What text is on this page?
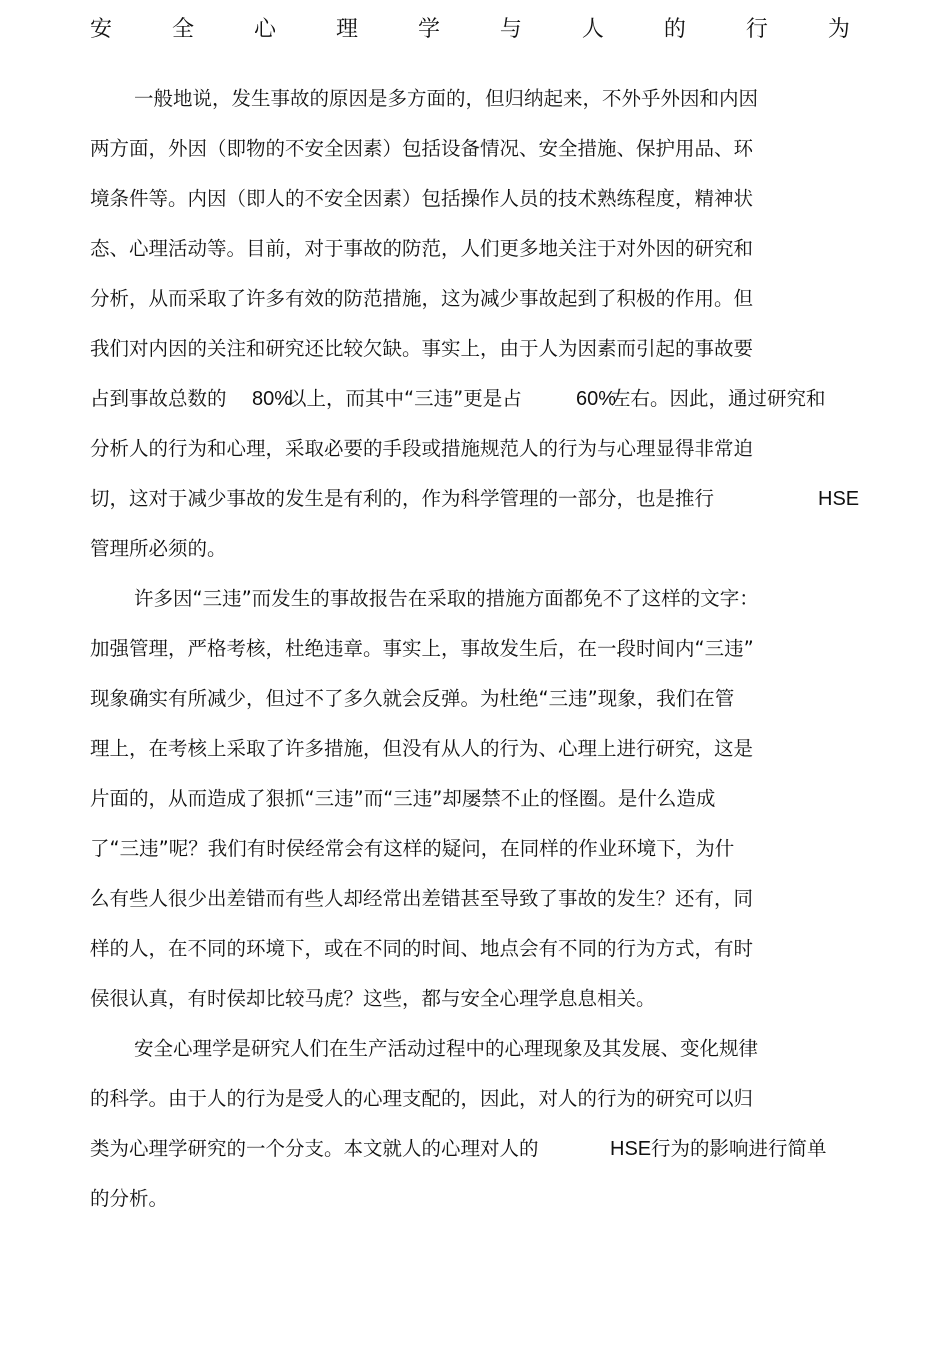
安	全	心	理	学	与	人	的	行	为
一般地说，发生事故的原因是多方面的，但归纳起来，不外乎外因和内因
两方面，外因（即物的不安全因素）包括设备情况、安全措施、保护用品、环
境条件等。内因（即人的不安全因素）包括操作人员的技术熟练程度，精神状
态、心理活动等。目前，对于事故的防范，人们更多地关注于对外因的研究和
分析，从而采取了许多有效的防范措施，这为减少事故起到了积极的作用。但
我们对内因的关注和研究还比较欠缺。事实上，由于人为因素而引起的事故要
占到事故总数的 80%
以上，而其中“三违”更是占	60%
左右。因此，通过研究和
分析人的行为和心理，采取必要的手段或措施规范人的行为与心理显得非常迫
切，这对于减少事故的发生是有利的，作为科学管理的一部分，也是推行	HSE
管理所必须的。
许多因“三违”而发生的事故报告在采取的措施方面都免不了这样的文字：
加强管理，严格考核，杜绝违章。事实上，事故发生后，在一段时间内“三违”
现象确实有所减少，但过不了多久就会反弹。为杜绝“三违”现象，我们在管
理上，在考核上采取了许多措施，但没有从人的行为、心理上进行研究，这是
片面的，从而造成了狠抓“三违”而“三违”却屡禁不止的怪圈。是什么造成
了“三违”呢？我们有时侯经常会有这样的疑问，在同样的作业环境下，为什
么有些人很少出差错而有些人却经常出差错甚至导致了事故的发生？还有，同
样的人，在不同的环境下，或在不同的时间、地点会有不同的行为方式，有时
侯很认真，有时侯却比较马虎？这些，都与安全心理学息息相关。
安全心理学是研究人们在生产活动过程中的心理现象及其发展、变化规律
的科学。由于人的行为是受人的心理支配的，因此，对人的行为的研究可以归
类为心理学研究的一个分支。本文就人的心理对人的	HSE 行为的影响进行简单
的分析。
